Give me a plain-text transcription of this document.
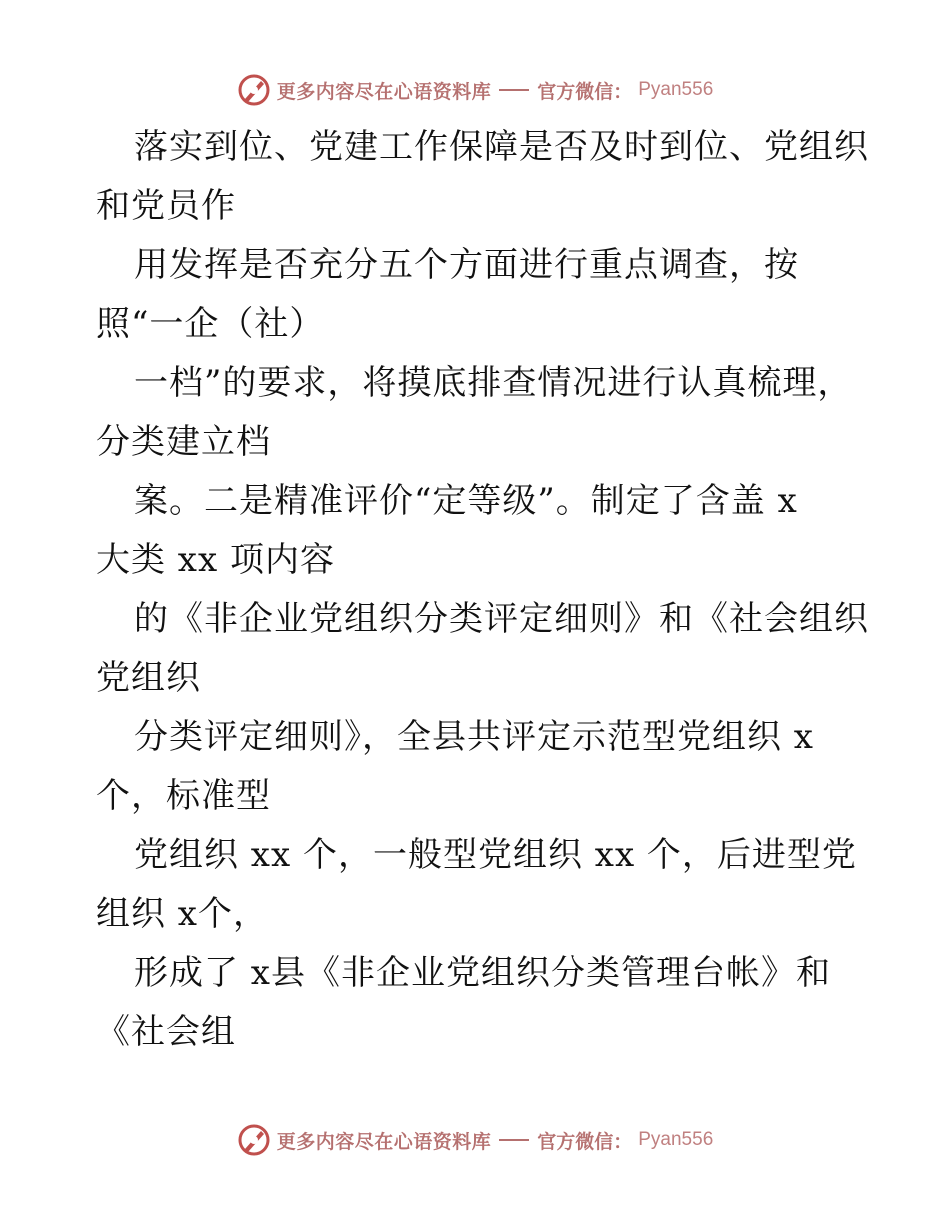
更多内容尽在心语资料库 官方微信： Pyan556
落实到位、党建工作保障是否及时到位、党组织
和党员作
用发挥是否充分五个方面进行重点调查，按
照“一企（社）
一档”的要求，将摸底排查情况进行认真梳理，
分类建立档
案。二是精准评价“定等级”。制定了含盖 x
大类 xx 项内容
的《非企业党组织分类评定细则》和《社会组织
党组织
分类评定细则》，全县共评定示范型党组织 x
个，标准型
党组织 xx 个，一般型党组织 xx 个，后进型党
组织 x个，
形成了 x县《非企业党组织分类管理台帐》和
《社会组
更多内容尽在心语资料库 官方微信： Pyan556
